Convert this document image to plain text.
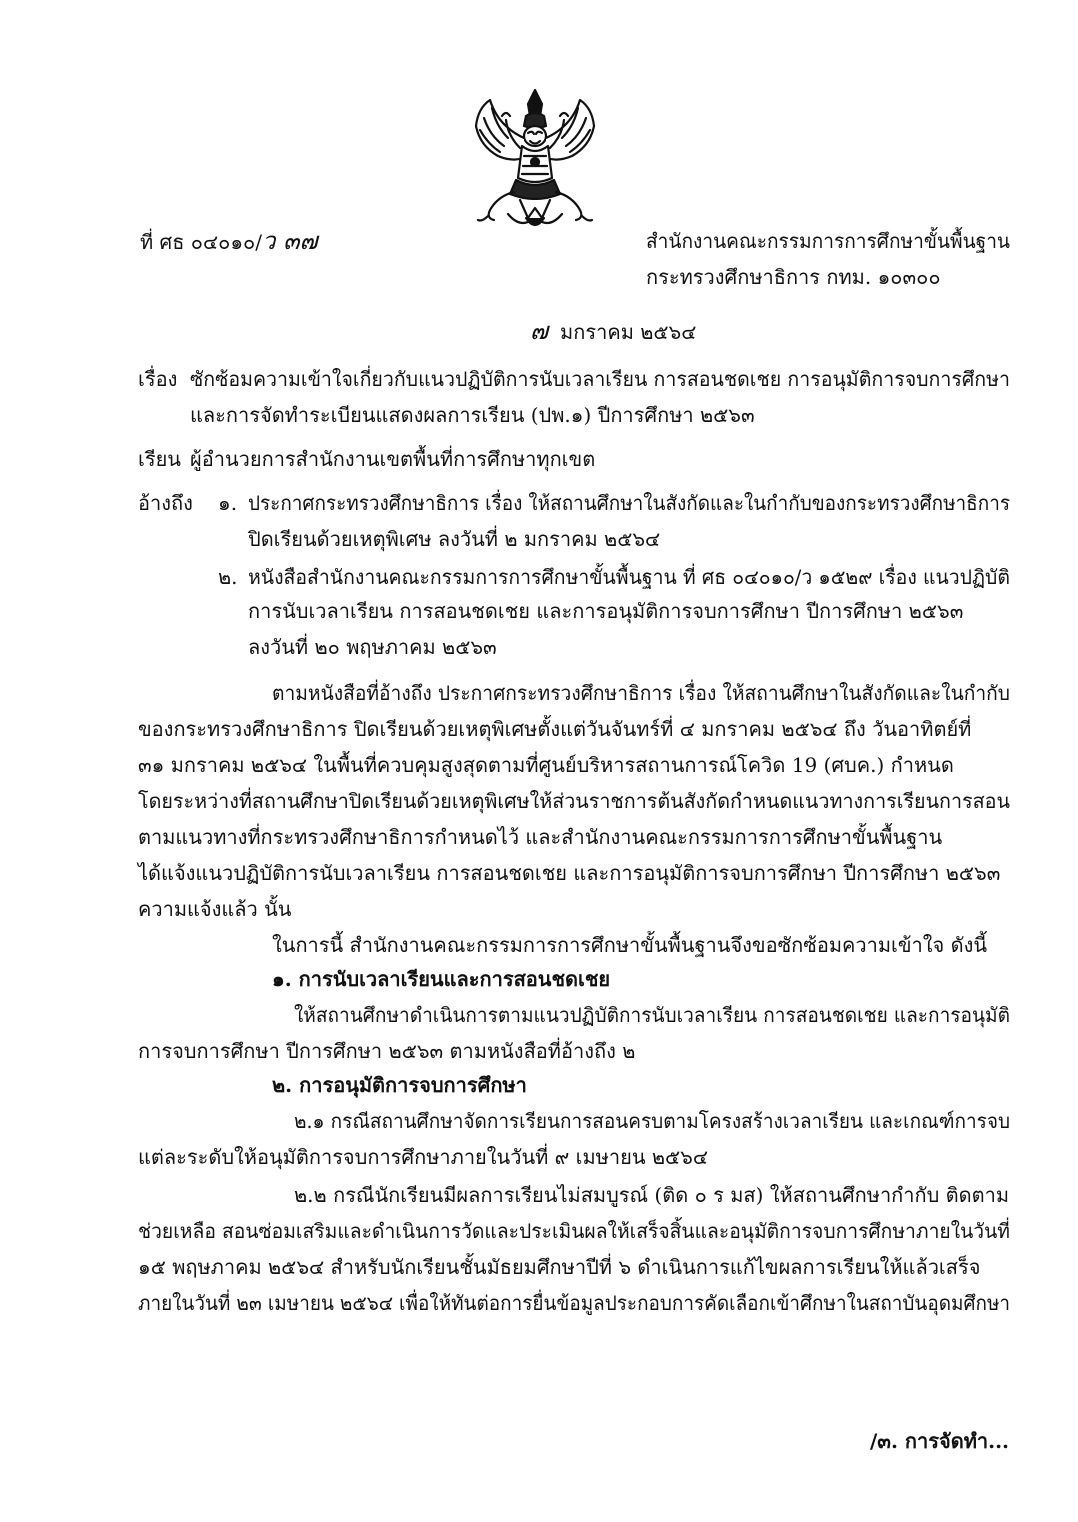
ที่ ศธ ๐๔๐๑๐/ว ๓๗	สำนักงานคณะกรรมการการศึกษาขั้นพื้นฐาน
กระทรวงศึกษาธิการ กทม. ๑๐๓๐๐
๗ มกราคม ๒๕๖๔
เรื่อง ซักซ้อมความเข้าใจเกี่ยวกับแนวปฏิบัติการนับเวลาเรียน การสอนชดเชย การอนุมัติการจบการศึกษา
และการจัดทำระเบียนแสดงผลการเรียน (ปพ.๑) ปีการศึกษา ๒๕๖๓
เรียน ผู้อำนวยการสำนักงานเขตพื้นที่การศึกษาทุกเขต
อ้างถึง ๑. ประกาศกระทรวงศึกษาธิการ เรื่อง ให้สถานศึกษาในสังกัดและในกำกับของกระทรวงศึกษาธิการ
ปิดเรียนด้วยเหตุพิเศษ ลงวันที่ ๒ มกราคม ๒๕๖๔
๒. หนังสือสำนักงานคณะกรรมการการศึกษาขั้นพื้นฐาน ที่ ศธ ๐๔๐๑๐/ว ๑๕๒๙ เรื่อง แนวปฏิบัติ
การนับเวลาเรียน การสอนชดเชย และการอนุมัติการจบการศึกษา ปีการศึกษา ๒๕๖๓
ลงวันที่ ๒๐ พฤษภาคม ๒๕๖๓
ตามหนังสือที่อ้างถึง ประกาศกระทรวงศึกษาธิการ เรื่อง ให้สถานศึกษาในสังกัดและในกำกับ
ของกระทรวงศึกษาธิการ ปิดเรียนด้วยเหตุพิเศษตั้งแต่วันจันทร์ที่ ๔ มกราคม ๒๕๖๔ ถึง วันอาทิตย์ที่
๓๑ มกราคม ๒๕๖๔ ในพื้นที่ควบคุมสูงสุดตามที่ศูนย์บริหารสถานการณ์โควิด 19 (ศบค.) กำหนด
โดยระหว่างที่สถานศึกษาปิดเรียนด้วยเหตุพิเศษให้ส่วนราชการต้นสังกัดกำหนดแนวทางการเรียนการสอน
ตามแนวทางที่กระทรวงศึกษาธิการกำหนดไว้ และสำนักงานคณะกรรมการการศึกษาขั้นพื้นฐาน
ได้แจ้งแนวปฏิบัติการนับเวลาเรียน การสอนชดเชย และการอนุมัติการจบการศึกษา ปีการศึกษา ๒๕๖๓
ความแจ้งแล้ว นั้น
ในการนี้ สำนักงานคณะกรรมการการศึกษาขั้นพื้นฐานจึงขอซักซ้อมความเข้าใจ ดังนี้
๑. การนับเวลาเรียนและการสอนชดเชย
ให้สถานศึกษาดำเนินการตามแนวปฏิบัติการนับเวลาเรียน การสอนชดเชย และการอนุมัติ
การจบการศึกษา ปีการศึกษา ๒๕๖๓ ตามหนังสือที่อ้างถึง ๒
๒. การอนุมัติการจบการศึกษา
๒.๑ กรณีสถานศึกษาจัดการเรียนการสอนครบตามโครงสร้างเวลาเรียน และเกณฑ์การจบ
แต่ละระดับให้อนุมัติการจบการศึกษาภายในวันที่ ๙ เมษายน ๒๕๖๔
๒.๒ กรณีนักเรียนมีผลการเรียนไม่สมบูรณ์ (ติด ๐ ร มส) ให้สถานศึกษากำกับ ติดตาม
ช่วยเหลือ สอนซ่อมเสริมและดำเนินการวัดและประเมินผลให้เสร็จสิ้นและอนุมัติการจบการศึกษาภายในวันที่
๑๕ พฤษภาคม ๒๕๖๔ สำหรับนักเรียนชั้นมัธยมศึกษาปีที่ ๖ ดำเนินการแก้ไขผลการเรียนให้แล้วเสร็จ
ภายในวันที่ ๒๓ เมษายน ๒๕๖๔ เพื่อให้ทันต่อการยื่นข้อมูลประกอบการคัดเลือกเข้าศึกษาในสถาบันอุดมศึกษา
/๓. การจัดทำ...
